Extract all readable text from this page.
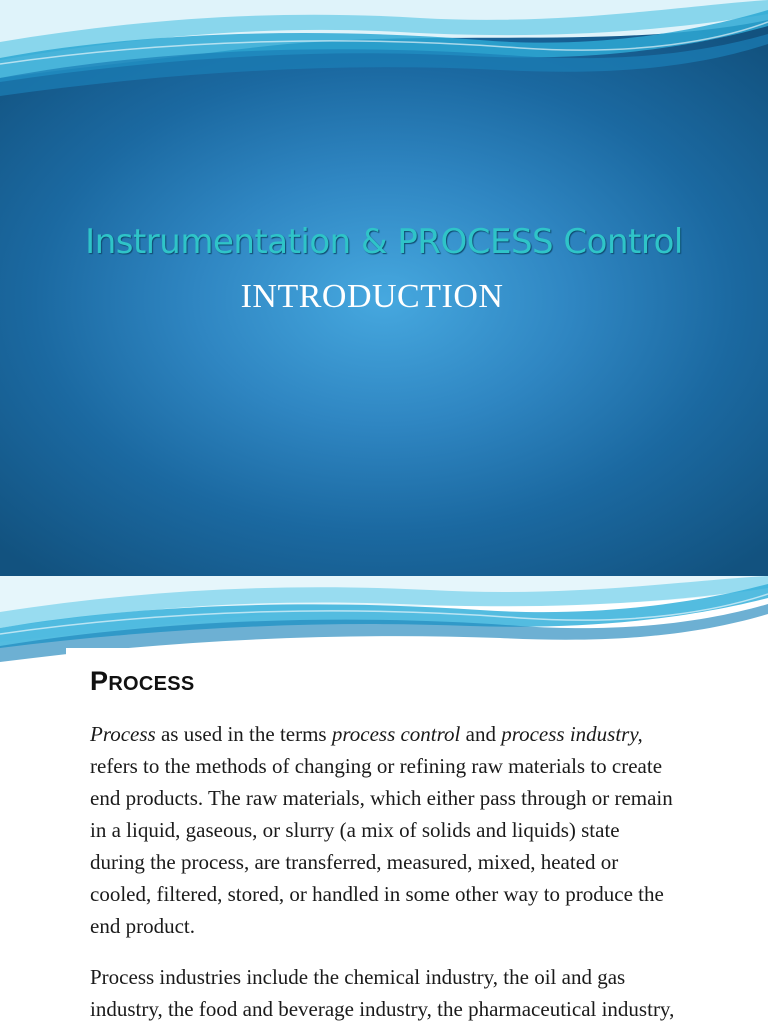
Instrumentation & PROCESS Control
INTRODUCTION
PROCESS
Process as used in the terms process control and process industry,
refers to the methods of changing or refining raw materials to create
end products. The raw materials, which either pass through or remain
in a liquid, gaseous, or slurry (a mix of solids and liquids) state
during the process, are transferred, measured, mixed, heated or
cooled, filtered, stored, or handled in some other way to produce the
end product.
Process industries include the chemical industry, the oil and gas
industry, the food and beverage industry, the pharmaceutical industry,
